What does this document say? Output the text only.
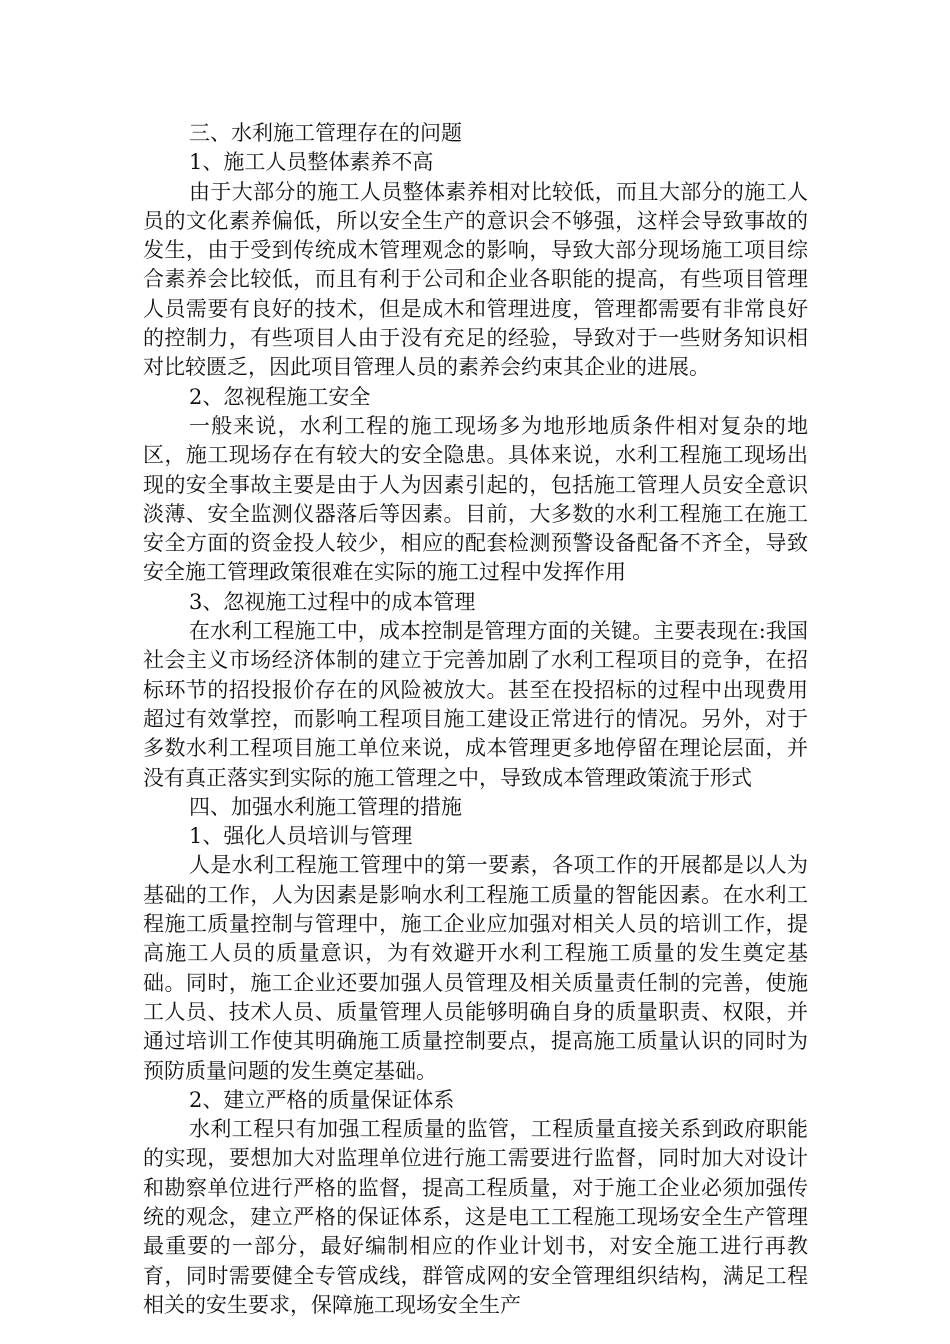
三、水利施工管理存在的问题

1、施工人员整体素养不高

由于大部分的施工人员整体素养相对比较低，而且大部分的施工人员的文化素养偏低，所以安全生产的意识会不够强，这样会导致事故的发生，由于受到传统成木管理观念的影响，导致大部分现场施工项目综合素养会比较低，而且有利于公司和企业各职能的提高，有些项目管理人员需要有良好的技术，但是成木和管理进度，管理都需要有非常良好的控制力，有些项目人由于没有充足的经验，导致对于一些财务知识相对比较匮乏，因此项目管理人员的素养会约束其企业的进展。

2、忽视程施工安全

一般来说，水利工程的施工现场多为地形地质条件相对复杂的地区，施工现场存在有较大的安全隐患。具体来说，水利工程施工现场出现的安全事故主要是由于人为因素引起的，包括施工管理人员安全意识淡薄、安全监测仪器落后等因素。目前，大多数的水利工程施工在施工安全方面的资金投人较少，相应的配套检测预警设备配备不齐全，导致安全施工管理政策很难在实际的施工过程中发挥作用

3、忽视施工过程中的成本管理

在水利工程施工中，成本控制是管理方面的关键。主要表现在:我国社会主义市场经济体制的建立于完善加剧了水利工程项目的竞争，在招标环节的招投报价存在的风险被放大。甚至在投招标的过程中出现费用超过有效掌控，而影响工程项目施工建设正常进行的情况。另外，对于多数水利工程项目施工单位来说，成本管理更多地停留在理论层面，并没有真正落实到实际的施工管理之中，导致成本管理政策流于形式

四、加强水利施工管理的措施

1、强化人员培训与管理

人是水利工程施工管理中的第一要素，各项工作的开展都是以人为基础的工作，人为因素是影响水利工程施工质量的智能因素。在水利工程施工质量控制与管理中，施工企业应加强对相关人员的培训工作，提高施工人员的质量意识，为有效避开水利工程施工质量的发生奠定基础。同时，施工企业还要加强人员管理及相关质量责任制的完善，使施工人员、技术人员、质量管理人员能够明确自身的质量职责、权限，并通过培训工作使其明确施工质量控制要点，提高施工质量认识的同时为预防质量问题的发生奠定基础。

2、建立严格的质量保证体系

水利工程只有加强工程质量的监管，工程质量直接关系到政府职能的实现，要想加大对监理单位进行施工需要进行监督，同时加大对设计和勘察单位进行严格的监督，提高工程质量，对于施工企业必须加强传统的观念，建立严格的保证体系，这是电工工程施工现场安全生产管理最重要的一部分，最好编制相应的作业计划书，对安全施工进行再教育，同时需要健全专管成线，群管成网的安全管理组织结构，满足工程相关的安生要求，保障施工现场安全生产
